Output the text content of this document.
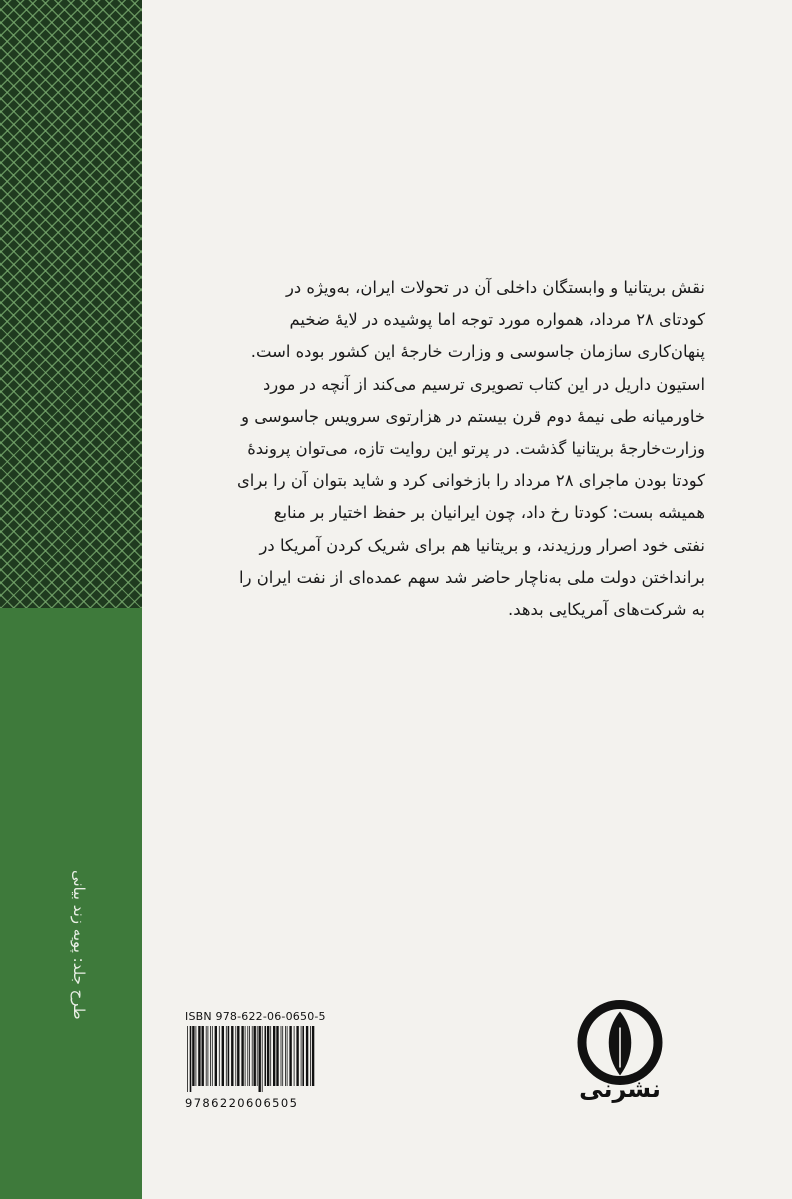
طرح جلد: پویه زند بیانی
نقش بریتانیا و وابستگان داخلی آن در تحولات ایران، به‌ویژه در
کودتای ۲۸ مرداد، همواره مورد توجه اما پوشیده در لایهٔ ضخیم
پنهان‌کاری سازمان جاسوسی و وزارت خارجهٔ این کشور بوده است.
استیون داریل در این کتاب تصویری ترسیم می‌کند از آنچه در مورد
خاورمیانه طی نیمهٔ دوم قرن بیستم در هزارتوی سرویس جاسوسی و
وزارت‌خارجهٔ بریتانیا گذشت. در پرتو این روایت تازه، می‌توان پروندهٔ
کودتا بودن ماجرای ۲۸ مرداد را بازخوانی کرد و شاید بتوان آن را برای
همیشه بست: کودتا رخ داد، چون ایرانیان بر حفظ اختیار بر منابع
نفتی خود اصرار ورزیدند، و بریتانیا هم برای شریک کردن آمریکا در
برانداختن دولت ملی به‌ناچار حاضر شد سهم عمده‌ای از نفت ایران را
به شرکت‌های آمریکایی بدهد.
ISBN 978-622-06-0650-5
9786220606505	نشرنی
